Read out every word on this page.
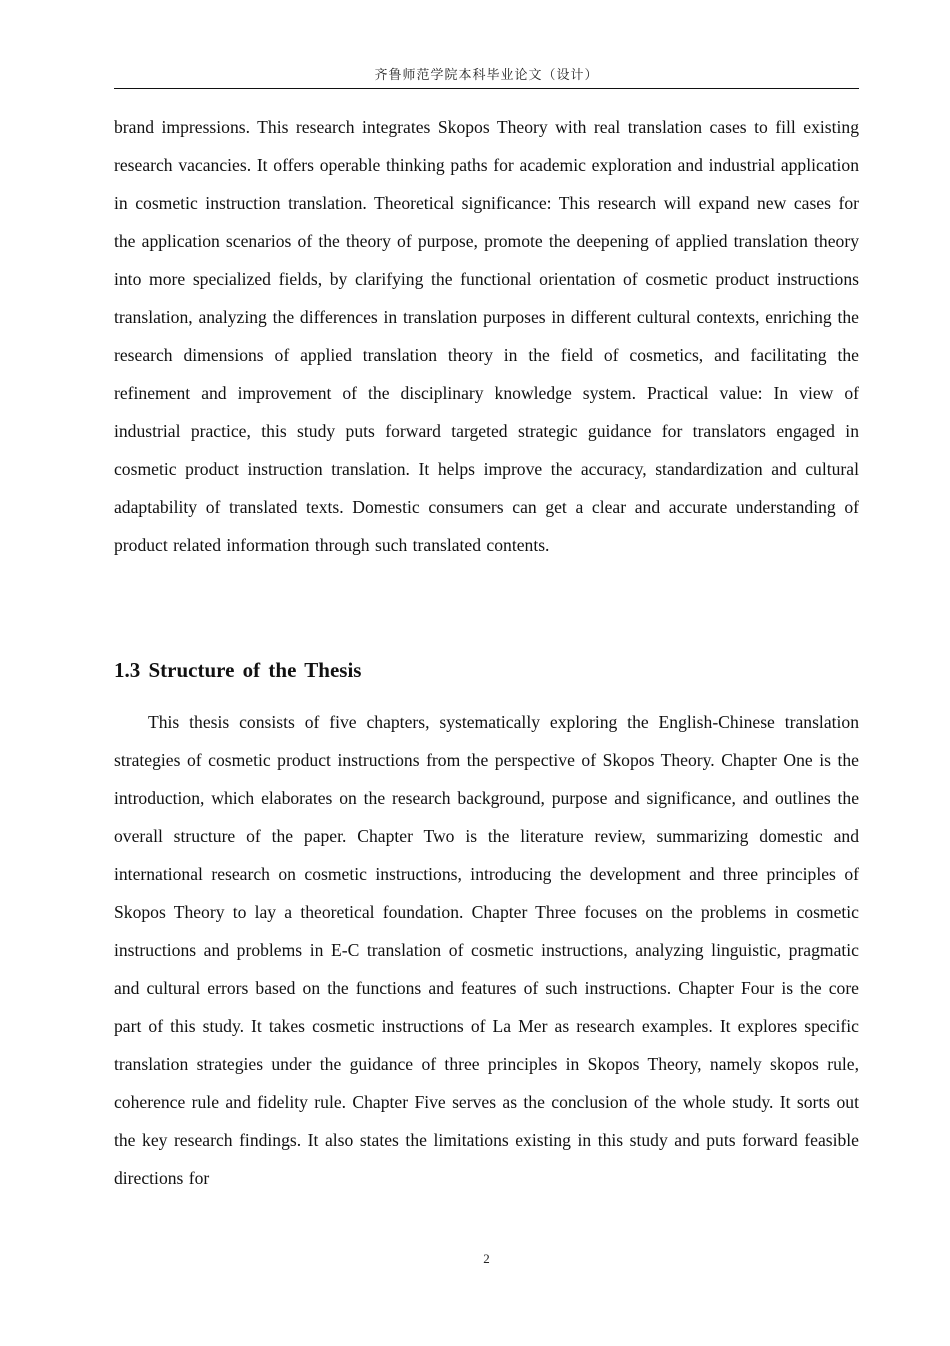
齐鲁师范学院本科毕业论文（设计）

brand impressions. This research integrates Skopos Theory with real translation cases to fill existing research vacancies. It offers operable thinking paths for academic exploration and industrial application in cosmetic instruction translation. Theoretical significance: This research will expand new cases for the application scenarios of the theory of purpose, promote the deepening of applied translation theory into more specialized fields, by clarifying the functional orientation of cosmetic product instructions translation, analyzing the differences in translation purposes in different cultural contexts, enriching the research dimensions of applied translation theory in the field of cosmetics, and facilitating the refinement and improvement of the disciplinary knowledge system. Practical value: In view of industrial practice, this study puts forward targeted strategic guidance for translators engaged in cosmetic product instruction translation. It helps improve the accuracy, standardization and cultural adaptability of translated texts. Domestic consumers can get a clear and accurate understanding of product related information through such translated contents.

1.3 Structure of the Thesis

This thesis consists of five chapters, systematically exploring the English-Chinese translation strategies of cosmetic product instructions from the perspective of Skopos Theory. Chapter One is the introduction, which elaborates on the research background, purpose and significance, and outlines the overall structure of the paper. Chapter Two is the literature review, summarizing domestic and international research on cosmetic instructions, introducing the development and three principles of Skopos Theory to lay a theoretical foundation. Chapter Three focuses on the problems in cosmetic instructions and problems in E-C translation of cosmetic instructions, analyzing linguistic, pragmatic and cultural errors based on the functions and features of such instructions. Chapter Four is the core part of this study. It takes cosmetic instructions of La Mer as research examples. It explores specific translation strategies under the guidance of three principles in Skopos Theory, namely skopos rule, coherence rule and fidelity rule. Chapter Five serves as the conclusion of the whole study. It sorts out the key research findings. It also states the limitations existing in this study and puts forward feasible directions for

2
